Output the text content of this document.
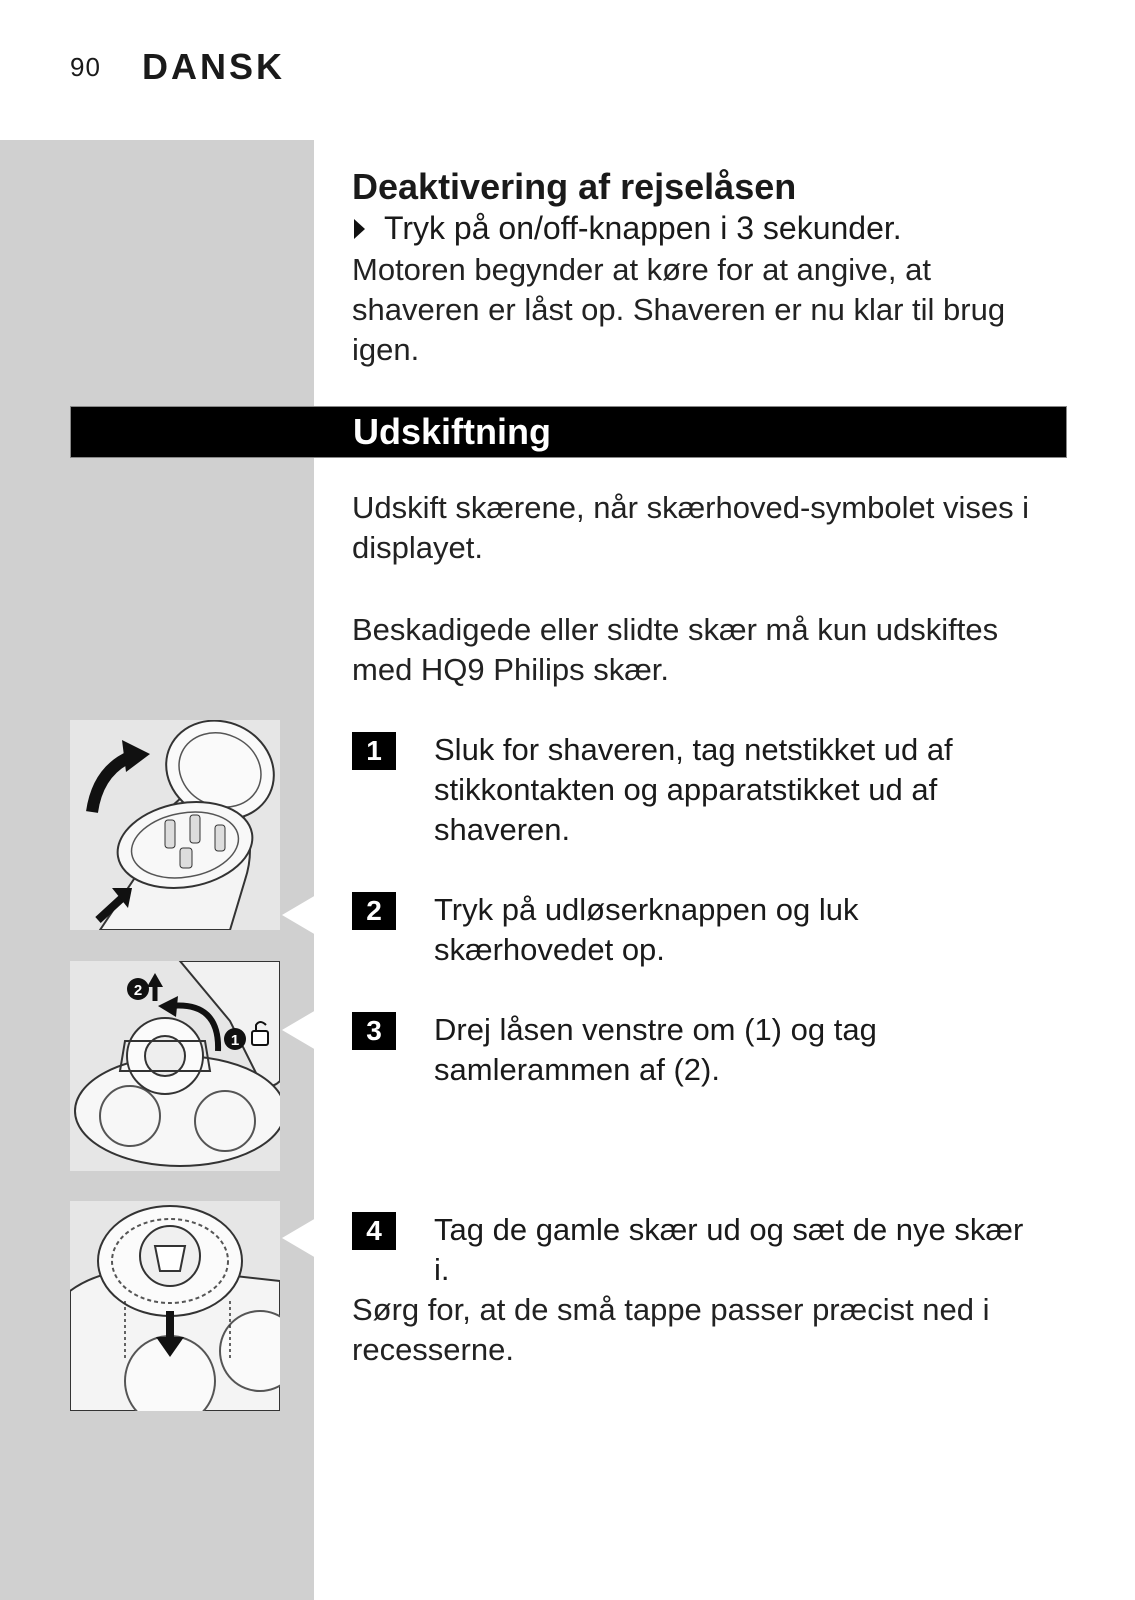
90 DANSK
Deaktivering af rejselåsen
Tryk på on/off-knappen i 3 sekunder.
Motoren begynder at køre for at angive, at
shaveren er låst op. Shaveren er nu klar til brug
igen.
Udskiftning
Udskift skærene, når skærhoved-symbolet vises i
displayet.
Beskadigede eller slidte skær må kun udskiftes
med HQ9 Philips skær.
1	Sluk for shaveren, tag netstikket ud af
stikkontakten og apparatstikket ud af
shaveren.
2	Tryk på udløserknappen og luk
skærhovedet op.
3	Drej låsen venstre om (1) og tag
samlerammen af (2).
4	Tag de gamle skær ud og sæt de nye skær
i.
Sørg for, at de små tappe passer præcist ned i
recesserne.
2
1
